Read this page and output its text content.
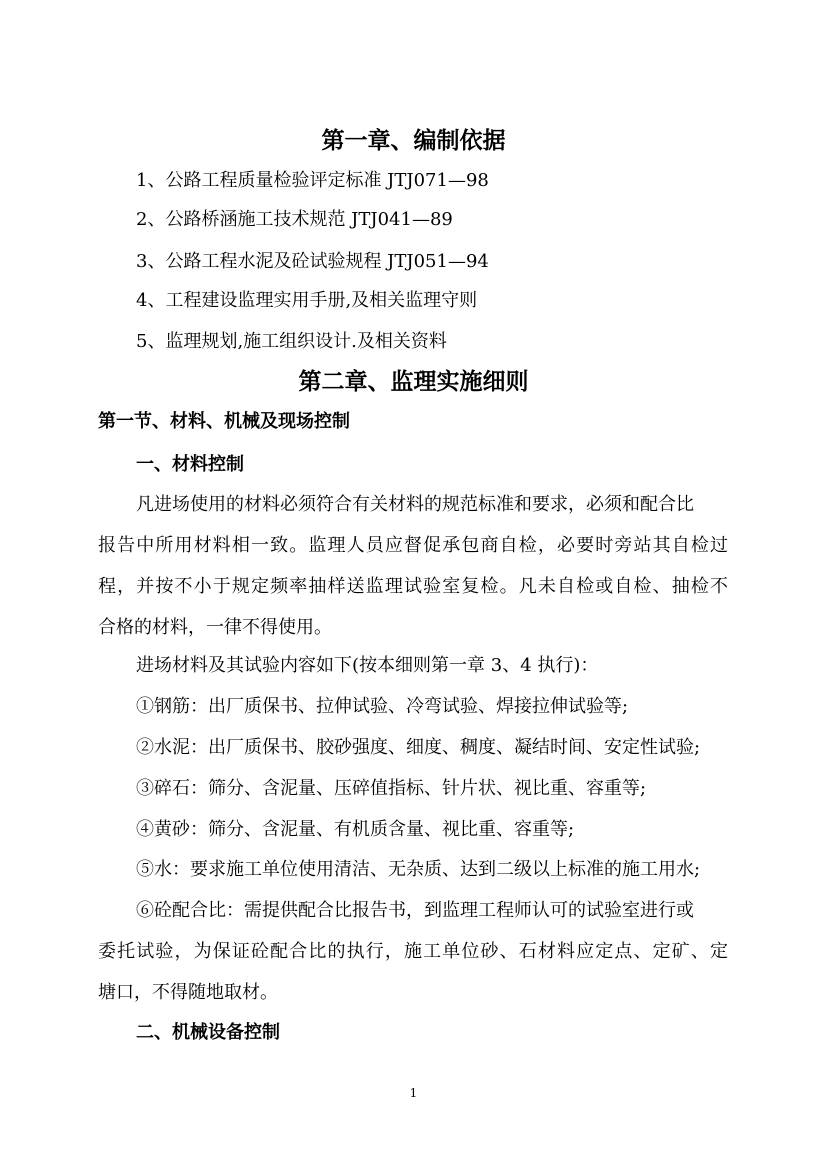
第一章、编制依据
1、公路工程质量检验评定标准 JTJ071—98
2、公路桥涵施工技术规范 JTJ041—89
3、公路工程水泥及砼试验规程 JTJ051—94
4、工程建设监理实用手册,及相关监理守则
5、监理规划,施工组织设计.及相关资料
第二章、监理实施细则
第一节、材料、机械及现场控制
一、材料控制
凡进场使用的材料必须符合有关材料的规范标准和要求，必须和配合比
报告中所用材料相一致。监理人员应督促承包商自检，必要时旁站其自检过
程，并按不小于规定频率抽样送监理试验室复检。凡未自检或自检、抽检不
合格的材料，一律不得使用。
进场材料及其试验内容如下(按本细则第一章 3、4 执行)：
①钢筋：出厂质保书、拉伸试验、冷弯试验、焊接拉伸试验等;
②水泥：出厂质保书、胶砂强度、细度、稠度、凝结时间、安定性试验;
③碎石：筛分、含泥量、压碎值指标、针片状、视比重、容重等;
④黄砂：筛分、含泥量、有机质含量、视比重、容重等;
⑤水：要求施工单位使用清洁、无杂质、达到二级以上标准的施工用水;
⑥砼配合比：需提供配合比报告书，到监理工程师认可的试验室进行或
委托试验，为保证砼配合比的执行，施工单位砂、石材料应定点、定矿、定
塘口，不得随地取材。
二、机械设备控制
1
